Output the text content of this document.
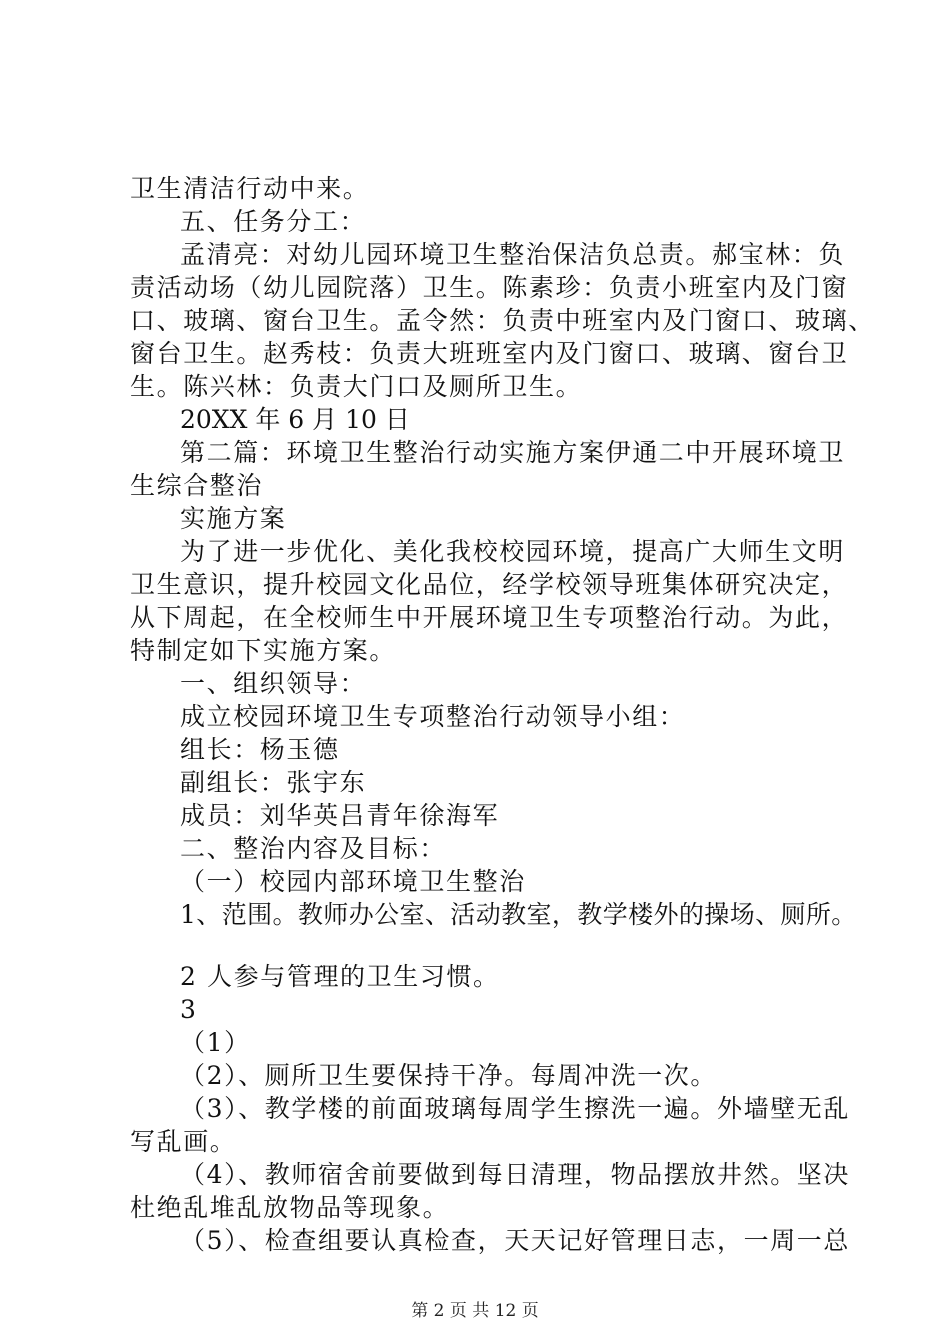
卫生清洁行动中来。
五、任务分工：
孟清亮：对幼儿园环境卫生整治保洁负总责。郝宝林：负
责活动场（幼儿园院落）卫生。陈素珍：负责小班室内及门窗
口、玻璃、窗台卫生。孟令然：负责中班室内及门窗口、玻璃、
窗台卫生。赵秀枝：负责大班班室内及门窗口、玻璃、窗台卫
生。陈兴林：负责大门口及厕所卫生。
20XX 年 6 月 10 日
第二篇：环境卫生整治行动实施方案伊通二中开展环境卫
生综合整治
实施方案
为了进一步优化、美化我校校园环境，提高广大师生文明
卫生意识，提升校园文化品位，经学校领导班集体研究决定，
从下周起，在全校师生中开展环境卫生专项整治行动。为此，
特制定如下实施方案。
一、组织领导：
成立校园环境卫生专项整治行动领导小组：
组长：杨玉德
副组长：张宇东
成员：刘华英吕青年徐海军
二、整治内容及目标：
（一）校园内部环境卫生整治
1、范围。教师办公室、活动教室，教学楼外的操场、厕所。
2 人参与管理的卫生习惯。
3
（1）
（2）、厕所卫生要保持干净。每周冲洗一次。
（3）、教学楼的前面玻璃每周学生擦洗一遍。外墙壁无乱
写乱画。
（4）、教师宿舍前要做到每日清理，物品摆放井然。坚决
杜绝乱堆乱放物品等现象。
（5）、检查组要认真检查，天天记好管理日志，一周一总
第 2 页 共 12 页
